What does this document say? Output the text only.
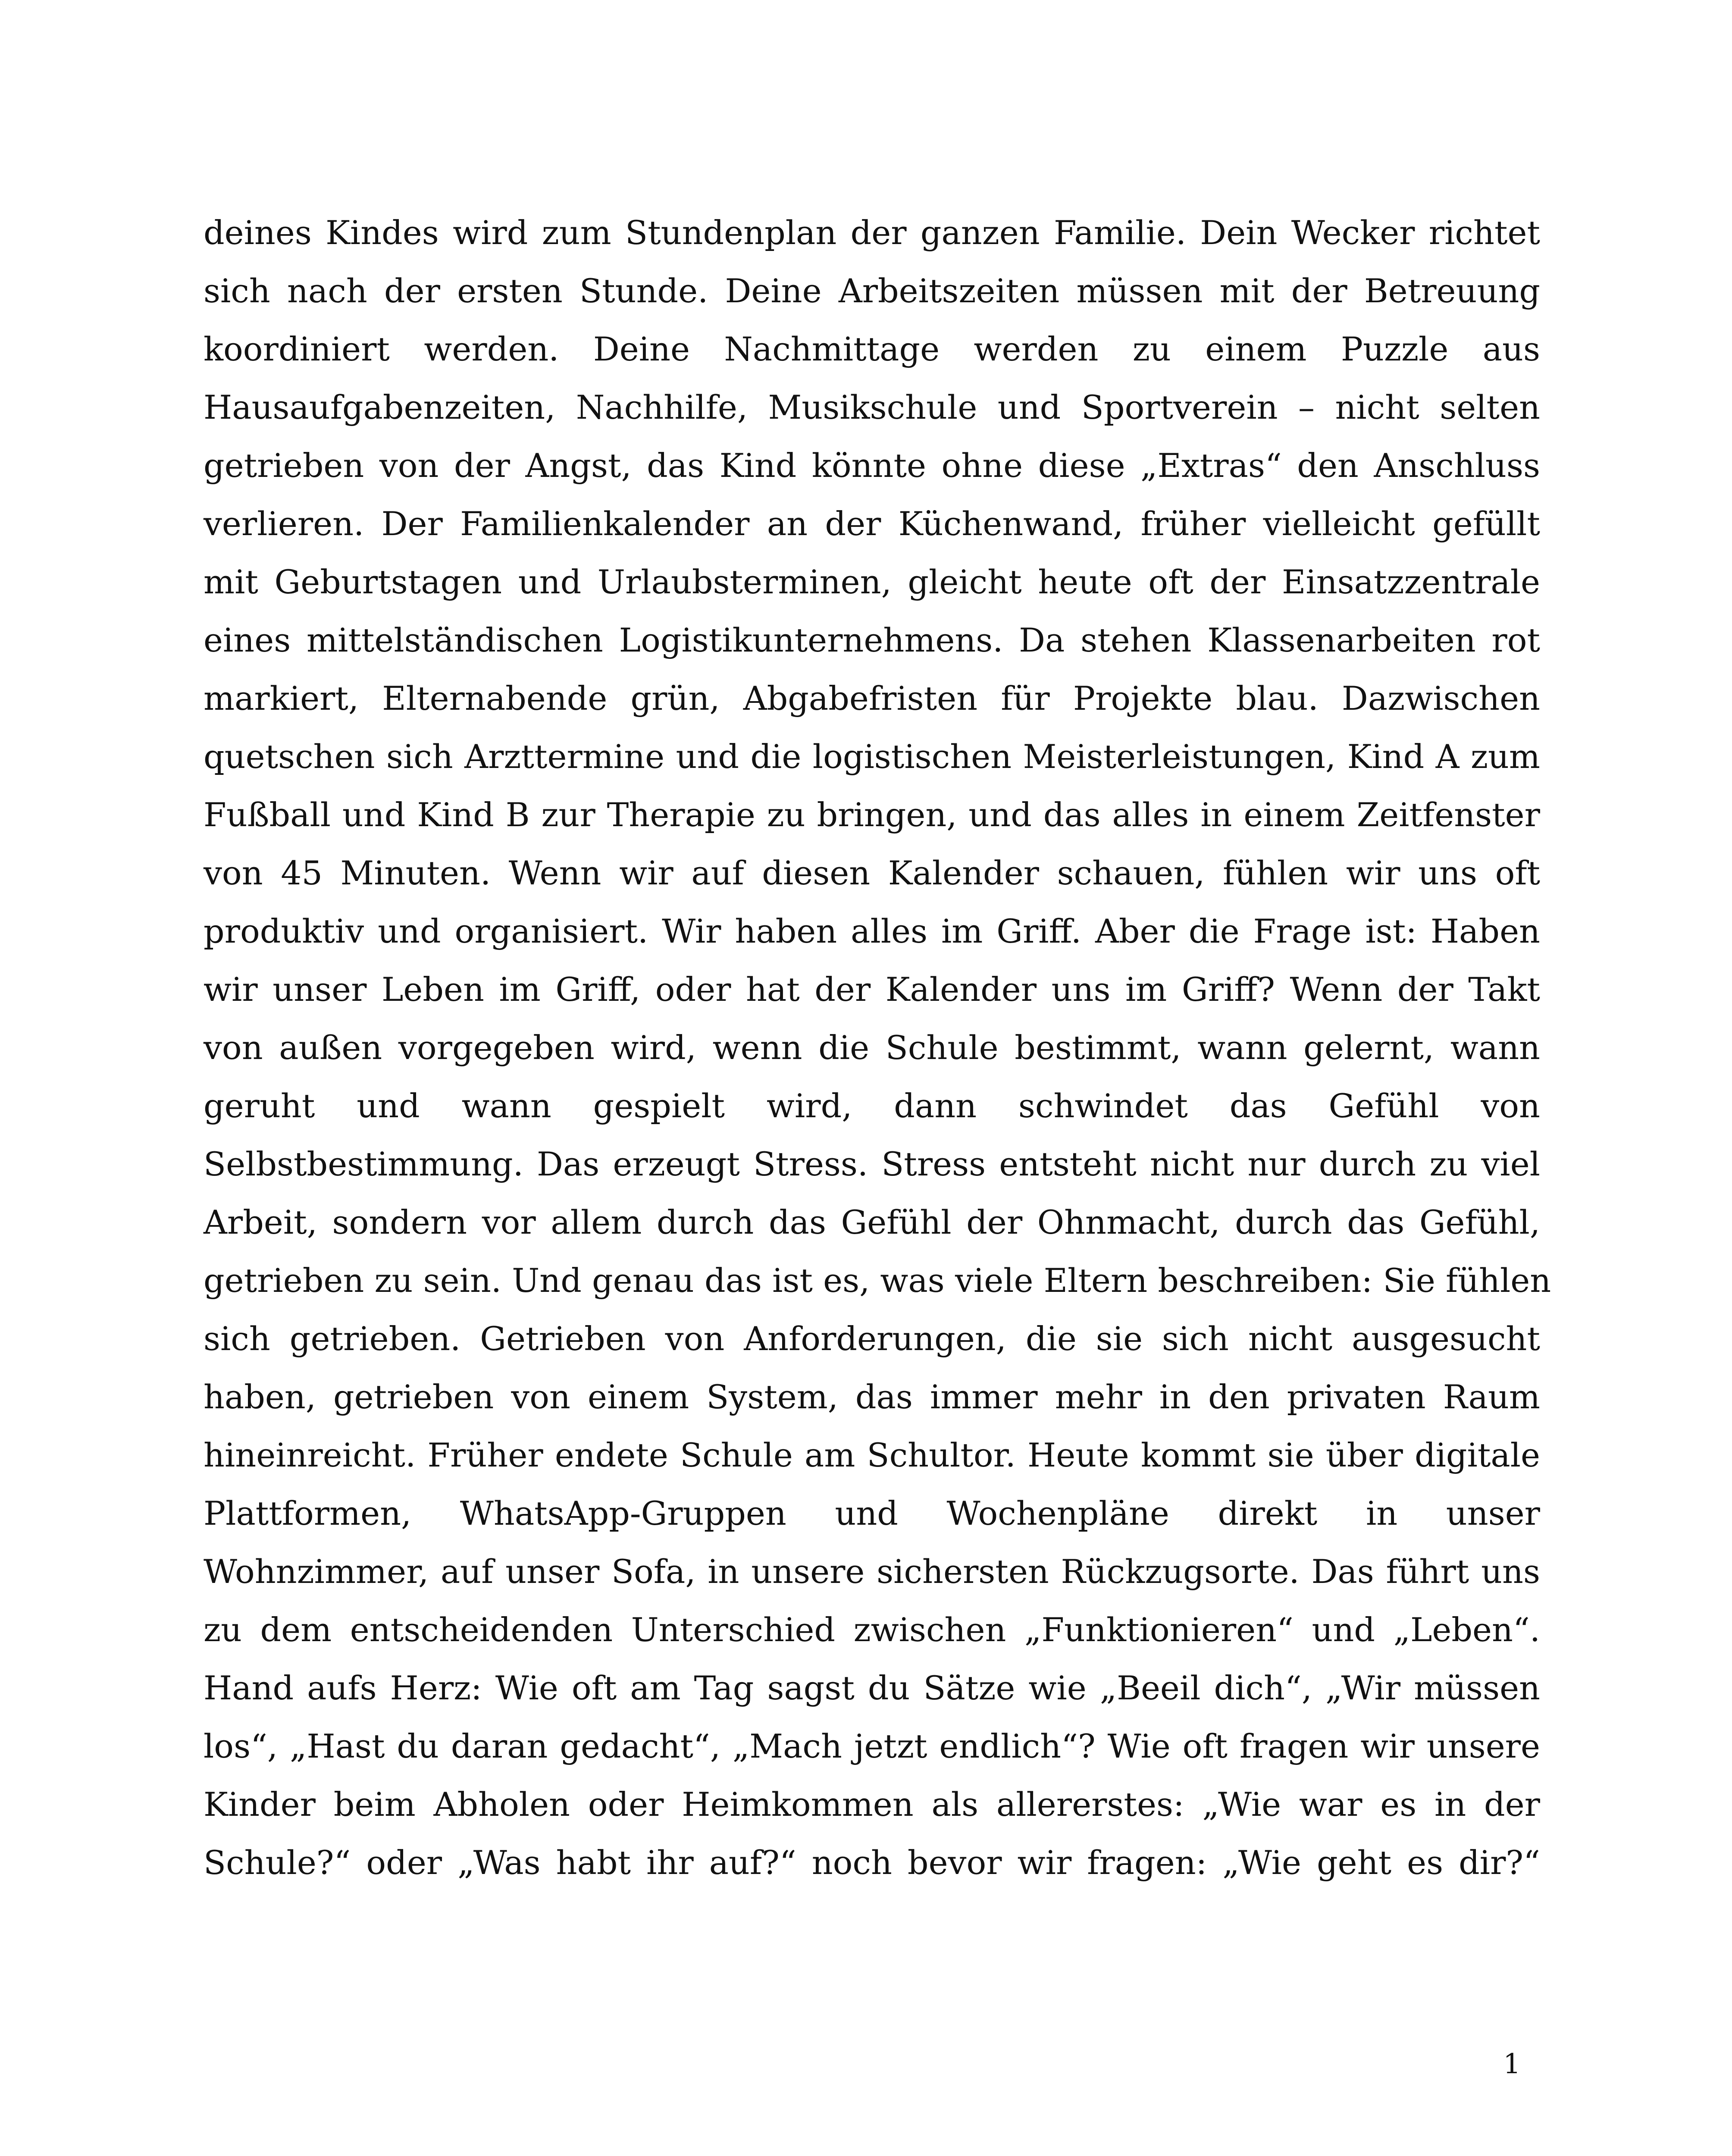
deines Kindes wird zum Stundenplan der ganzen Familie. Dein Wecker richtet
sich nach der ersten Stunde. Deine Arbeitszeiten müssen mit der Betreuung
koordiniert werden. Deine Nachmittage werden zu einem Puzzle aus
Hausaufgabenzeiten, Nachhilfe, Musikschule und Sportverein – nicht selten
getrieben von der Angst, das Kind könnte ohne diese „Extras“ den Anschluss
verlieren. Der Familienkalender an der Küchenwand, früher vielleicht gefüllt
mit Geburtstagen und Urlaubsterminen, gleicht heute oft der Einsatzzentrale
eines mittelständischen Logistikunternehmens. Da stehen Klassenarbeiten rot
markiert, Elternabende grün, Abgabefristen für Projekte blau. Dazwischen
quetschen sich Arzttermine und die logistischen Meisterleistungen, Kind A zum
Fußball und Kind B zur Therapie zu bringen, und das alles in einem Zeitfenster
von 45 Minuten. Wenn wir auf diesen Kalender schauen, fühlen wir uns oft
produktiv und organisiert. Wir haben alles im Griff. Aber die Frage ist: Haben
wir unser Leben im Griff, oder hat der Kalender uns im Griff? Wenn der Takt
von außen vorgegeben wird, wenn die Schule bestimmt, wann gelernt, wann
geruht und wann gespielt wird, dann schwindet das Gefühl von
Selbstbestimmung. Das erzeugt Stress. Stress entsteht nicht nur durch zu viel
Arbeit, sondern vor allem durch das Gefühl der Ohnmacht, durch das Gefühl,
getrieben zu sein. Und genau das ist es, was viele Eltern beschreiben: Sie fühlen
sich getrieben. Getrieben von Anforderungen, die sie sich nicht ausgesucht
haben, getrieben von einem System, das immer mehr in den privaten Raum
hineinreicht. Früher endete Schule am Schultor. Heute kommt sie über digitale
Plattformen, WhatsApp-Gruppen und Wochenpläne direkt in unser
Wohnzimmer, auf unser Sofa, in unsere sichersten Rückzugsorte. Das führt uns
zu dem entscheidenden Unterschied zwischen „Funktionieren“ und „Leben“.
Hand aufs Herz: Wie oft am Tag sagst du Sätze wie „Beeil dich“, „Wir müssen
los“, „Hast du daran gedacht“, „Mach jetzt endlich“? Wie oft fragen wir unsere
Kinder beim Abholen oder Heimkommen als allererstes: „Wie war es in der
Schule?“ oder „Was habt ihr auf?“ noch bevor wir fragen: „Wie geht es dir?“
1
